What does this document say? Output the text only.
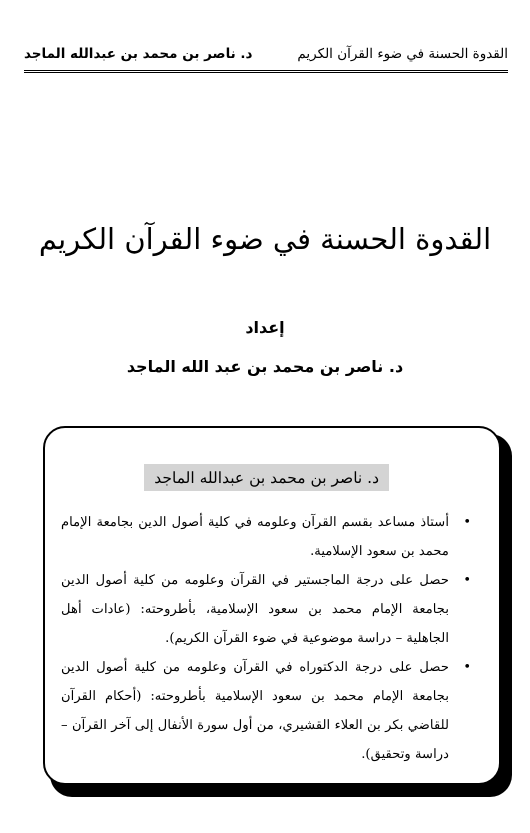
القدوة الحسنة في ضوء القرآن الكريم
د. ناصر بن محمد بن عبدالله الماجد
القدوة الحسنة في ضوء القرآن الكريم
إعداد
د. ناصر بن محمد بن عبد الله الماجد
د. ناصر بن محمد بن عبدالله الماجد
•
أستاذ مساعد بقسم القرآن وعلومه في كلية أصول الدين بجامعة الإمام محمد بن سعود الإسلامية.
•
حصل على درجة الماجستير في القرآن وعلومه من كلية أصول الدين بجامعة الإمام محمد بن سعود الإسلامية، بأطروحته: (عادات أهل الجاهلية – دراسة موضوعية في ضوء القرآن الكريم).
•
حصل على درجة الدكتوراه في القرآن وعلومه من كلية أصول الدين بجامعة الإمام محمد بن سعود الإسلامية بأطروحته: (أحكام القرآن للقاضي بكر بن العلاء القشيري، من أول سورة الأنفال إلى آخر القرآن – دراسة وتحقيق).
